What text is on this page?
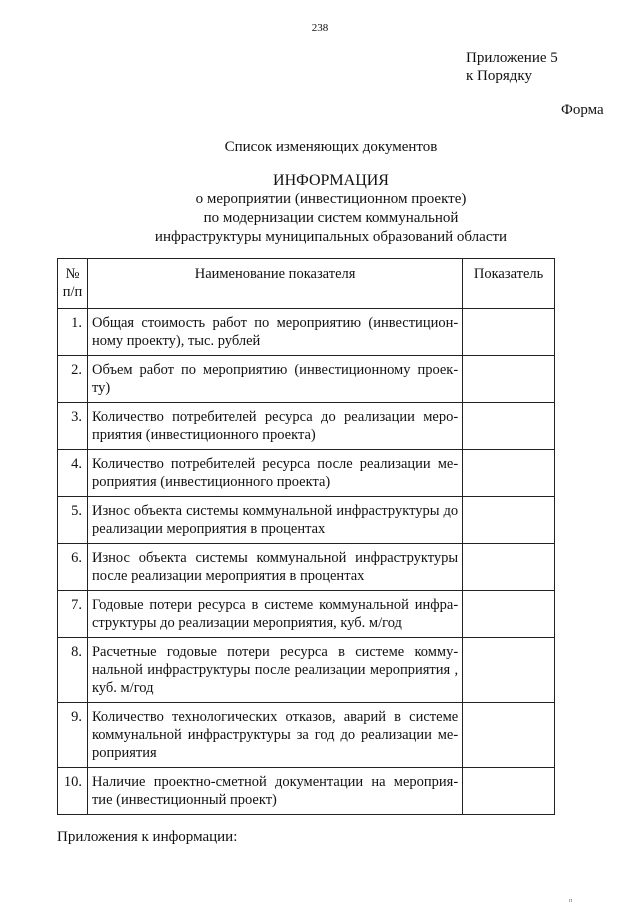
238
Приложение 5
к Порядку
Форма
Список изменяющих документов
ИНФОРМАЦИЯ
о мероприятии (инвестиционном проекте)
по модернизации систем коммунальной
инфраструктуры муниципальных образований области
№
п/п	Наименование показателя	Показатель
1.	Общая стоимость работ по мероприятию (инвестицион-ному проекту), тыс. рублей	
2.	Объем работ по мероприятию (инвестиционному проек-ту)	
3.	Количество потребителей ресурса до реализации меро-приятия (инвестиционного проекта)	
4.	Количество потребителей ресурса после реализации ме-роприятия (инвестиционного проекта)	
5.	Износ объекта системы коммунальной инфраструктуры до реализации мероприятия в процентах	
6.	Износ объекта системы коммунальной инфраструктуры после реализации мероприятия в процентах	
7.	Годовые потери ресурса в системе коммунальной инфра-структуры до реализации мероприятия, куб. м/год	
8.	Расчетные годовые потери ресурса в системе комму-нальной инфраструктуры после реализации мероприятия , куб. м/год	
9.	Количество технологических отказов, аварий в системе коммунальной инфраструктуры за год до реализации ме-роприятия	
10.	Наличие проектно-сметной документации на мероприя-тие (инвестиционный проект)	
Приложения к информации:
п
